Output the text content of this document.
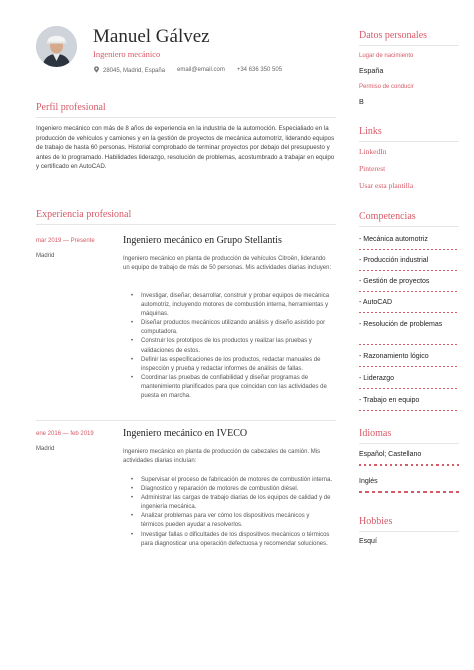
Manuel Gálvez
Ingeniero mecánico
28045, Madrid, España email@email.com +34 636 350 505
Perfil profesional
Ingeniero mecánico con más de 8 años de experiencia en la industria de la automoción. Especialiado en la producción de vehículos y camiones y en la gestión de proyectos de mecánica automotriz, liderando equipos de trabajo de hasta 60 personas. Historial comprobado de terminar proyectos por debajo del presupuesto y antes de lo programado. Habilidades liderazgo, resolución de problemas, acostumbrado a trabajar en equipo y certificado en AutoCAD.
Experiencia profesional
mar 2019 — Presente
Madrid
Ingeniero mecánico en Grupo Stellantis
Ingeniero mecánico en planta de producción de vehículos Citroën, liderando un equipo de trabajo de más de 50 personas. Mis actividades diarias incluyen:
• Investigar, diseñar, desarrollar, construir y probar equipos de mecánica automotriz, incluyendo motores de combustión interna, herramientas y máquinas.
• Diseñar productos mecánicos utilizando análisis y diseño asistido por computadora.
• Construir los prototipos de los productos y realizar las pruebas y validaciones de estos.
• Definir las especificaciones de los productos, redactar manuales de inspección y prueba y redactar informes de análisis de fallas.
• Coordinar las pruebas de confiabilidad y diseñar programas de mantenimiento planificados para que coincidan con las actividades de puesta en marcha.
ene 2016 — feb 2019
Madrid
Ingeniero mecánico en IVECO
Ingeniero mecánico en planta de producción de cabezales de camión. Mis actividades diarias incluían:
• Supervisar el proceso de fabricación de motores de combustión interna.
• Diagnostico y reparación de motores de combustión diésel.
• Administrar las cargas de trabajo diarias de los equipos de calidad y de ingeniería mecánica.
• Analizar problemas para ver cómo los dispositivos mecánicos y térmicos pueden ayudar a resolverlos.
• Investigar fallas o dificultades de los dispositivos mecánicos o térmicos para diagnosticar una operación defectuosa y recomendar soluciones.
Datos personales
Lugar de nacimiento
España
Permiso de conducir
B
Links
LinkedIn
Pinterest
Usar esta plantilla
Competencias
- Mecánica automotriz
- Producción industrial
- Gestión de proyectos
- AutoCAD
- Resolución de problemas
- Razonamiento lógico
- Liderazgo
- Trabajo en equipo
Idiomas
Español; Castellano
Inglés
Hobbies
Esquí
